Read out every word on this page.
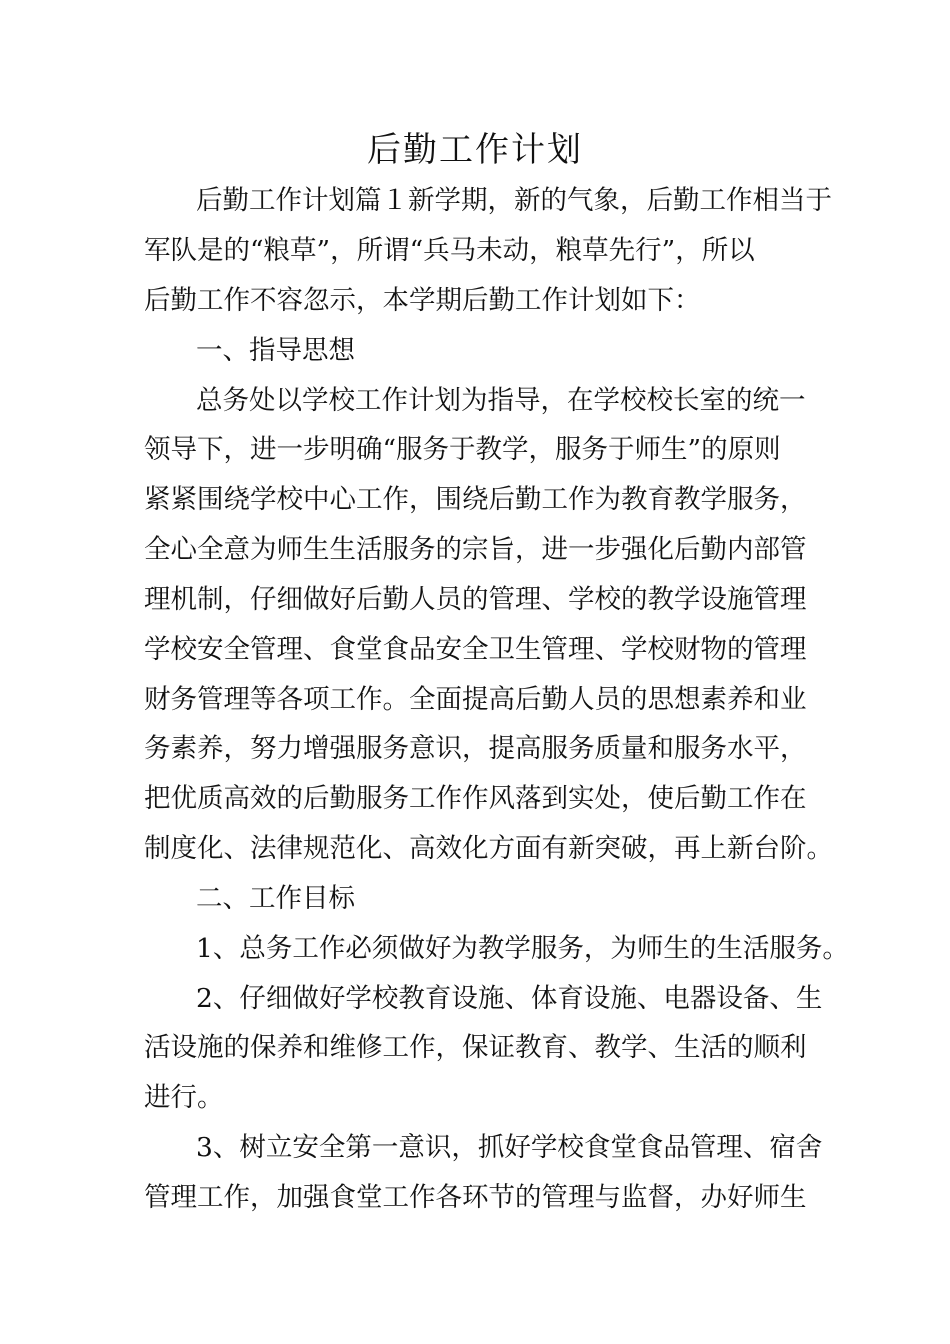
后勤工作计划
后勤工作计划篇１新学期，新的气象，后勤工作相当于
军队是的“粮草”，所谓“兵马未动，粮草先行”，所以
后勤工作不容忽示，本学期后勤工作计划如下：
一、指导思想
总务处以学校工作计划为指导，在学校校长室的统一
领导下，进一步明确“服务于教学，服务于师生”的原则
紧紧围绕学校中心工作，围绕后勤工作为教育教学服务，
全心全意为师生生活服务的宗旨，进一步强化后勤内部管
理机制，仔细做好后勤人员的管理、学校的教学设施管理
学校安全管理、食堂食品安全卫生管理、学校财物的管理
财务管理等各项工作。全面提高后勤人员的思想素养和业
务素养，努力增强服务意识，提高服务质量和服务水平，
把优质高效的后勤服务工作作风落到实处，使后勤工作在
制度化、法律规范化、高效化方面有新突破，再上新台阶。
二、工作目标
1、总务工作必须做好为教学服务，为师生的生活服务。
2、仔细做好学校教育设施、体育设施、电器设备、生
活设施的保养和维修工作，保证教育、教学、生活的顺利
进行。
3、树立安全第一意识，抓好学校食堂食品管理、宿舍
管理工作，加强食堂工作各环节的管理与监督，办好师生
